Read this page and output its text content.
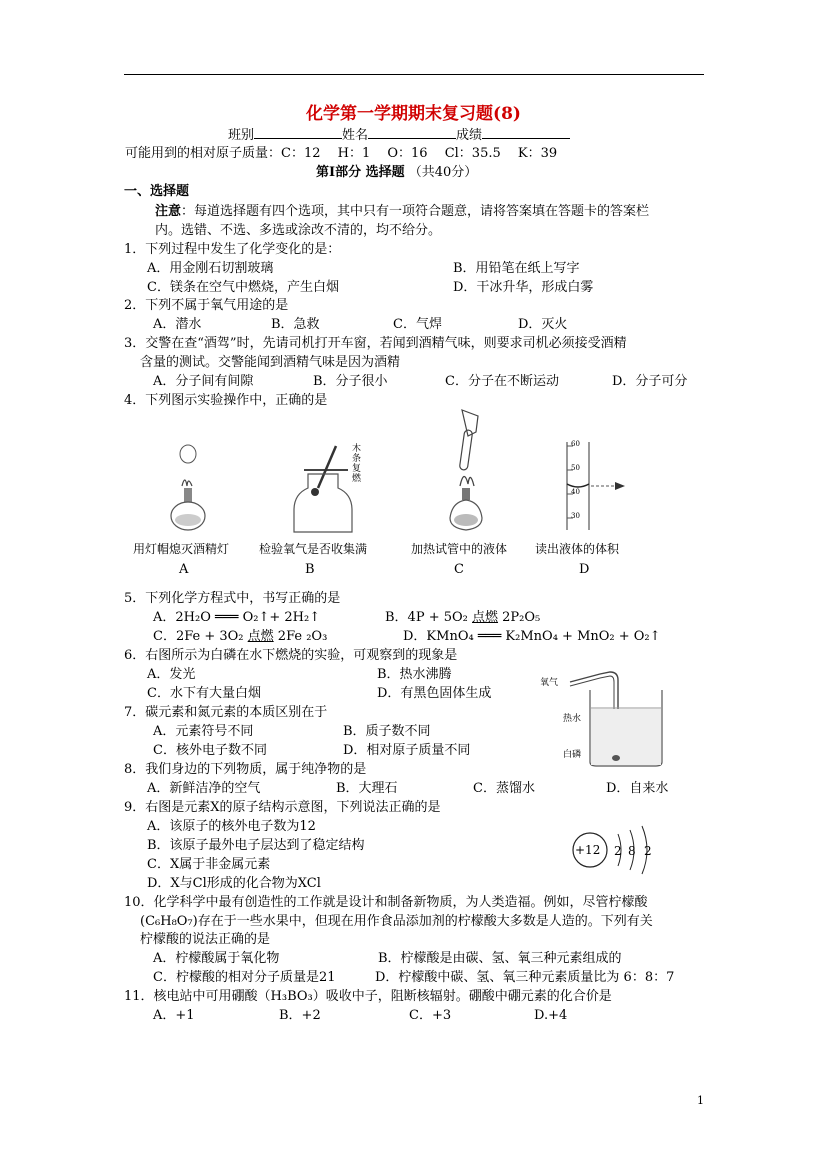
化学第一学期期末复习题(8)
班别	姓名	成绩
可能用到的相对原子质量：C：12　 H：1　 O：16　 Cl：35.5　 K：39
第Ⅰ部分 选择题 （共40分）
一、选择题
注意：每道选择题有四个选项，其中只有一项符合题意，请将答案填在答题卡的答案栏
内。选错、不选、多选或涂改不清的，均不给分。
1．下列过程中发生了化学变化的是：
A．用金刚石切割玻璃	B．用铅笔在纸上写字
C．镁条在空气中燃烧，产生白烟	D．干冰升华，形成白雾
2．下列不属于氧气用途的是
A．潜水	B．急救	C．气焊	D．灭火
3．交警在查“酒驾”时，先请司机打开车窗，若闻到酒精气味，则要求司机必须接受酒精
含量的测试。交警能闻到酒精气味是因为酒精
A．分子间有间隙	B．分子很小	C．分子在不断运动	D．分子可分
4．下列图示实验操作中，正确的是
用灯帽熄灭酒精灯
A
木条复燃
检验氧气是否收集满
B
加热试管中的液体
C
60
50
40
30
读出液体的体积
D
5．下列化学方程式中，书写正确的是
A．2H₂O ═══ O₂↑+ 2H₂↑	B．4P + 5O₂ 点燃 2P₂O₅
C．2Fe + 3O₂ 点燃 2Fe ₂O₃	D．KMnO₄ ═══ K₂MnO₄ + MnO₂ + O₂↑
6．右图所示为白磷在水下燃烧的实验，可观察到的现象是
A．发光	B．热水沸腾
C．水下有大量白烟	D．有黑色固体生成
氧气
热水
白磷
7．碳元素和氮元素的本质区别在于
A．元素符号不同	B．质子数不同
C．核外电子数不同	D．相对原子质量不同
8．我们身边的下列物质，属于纯净物的是
A．新鲜洁净的空气	B．大理石	C．蒸馏水	D．自来水
9．右图是元素X的原子结构示意图，下列说法正确的是
A．该原子的核外电子数为12
B．该原子最外电子层达到了稳定结构
C．X属于非金属元素
D．X与Cl形成的化合物为XCl
+12 2 8 2
10．化学科学中最有创造性的工作就是设计和制备新物质，为人类造福。例如，尽管柠檬酸
(C₆H₈O₇)存在于一些水果中，但现在用作食品添加剂的柠檬酸大多数是人造的。下列有关
柠檬酸的说法正确的是
A．柠檬酸属于氧化物	B．柠檬酸是由碳、氢、氧三种元素组成的
C．柠檬酸的相对分子质量是21	D．柠檬酸中碳、氢、氧三种元素质量比为 6：8：7
11．核电站中可用硼酸（H₃BO₃）吸收中子，阻断核辐射。硼酸中硼元素的化合价是
A．+1	B．+2	C．+3	D.+4
1
